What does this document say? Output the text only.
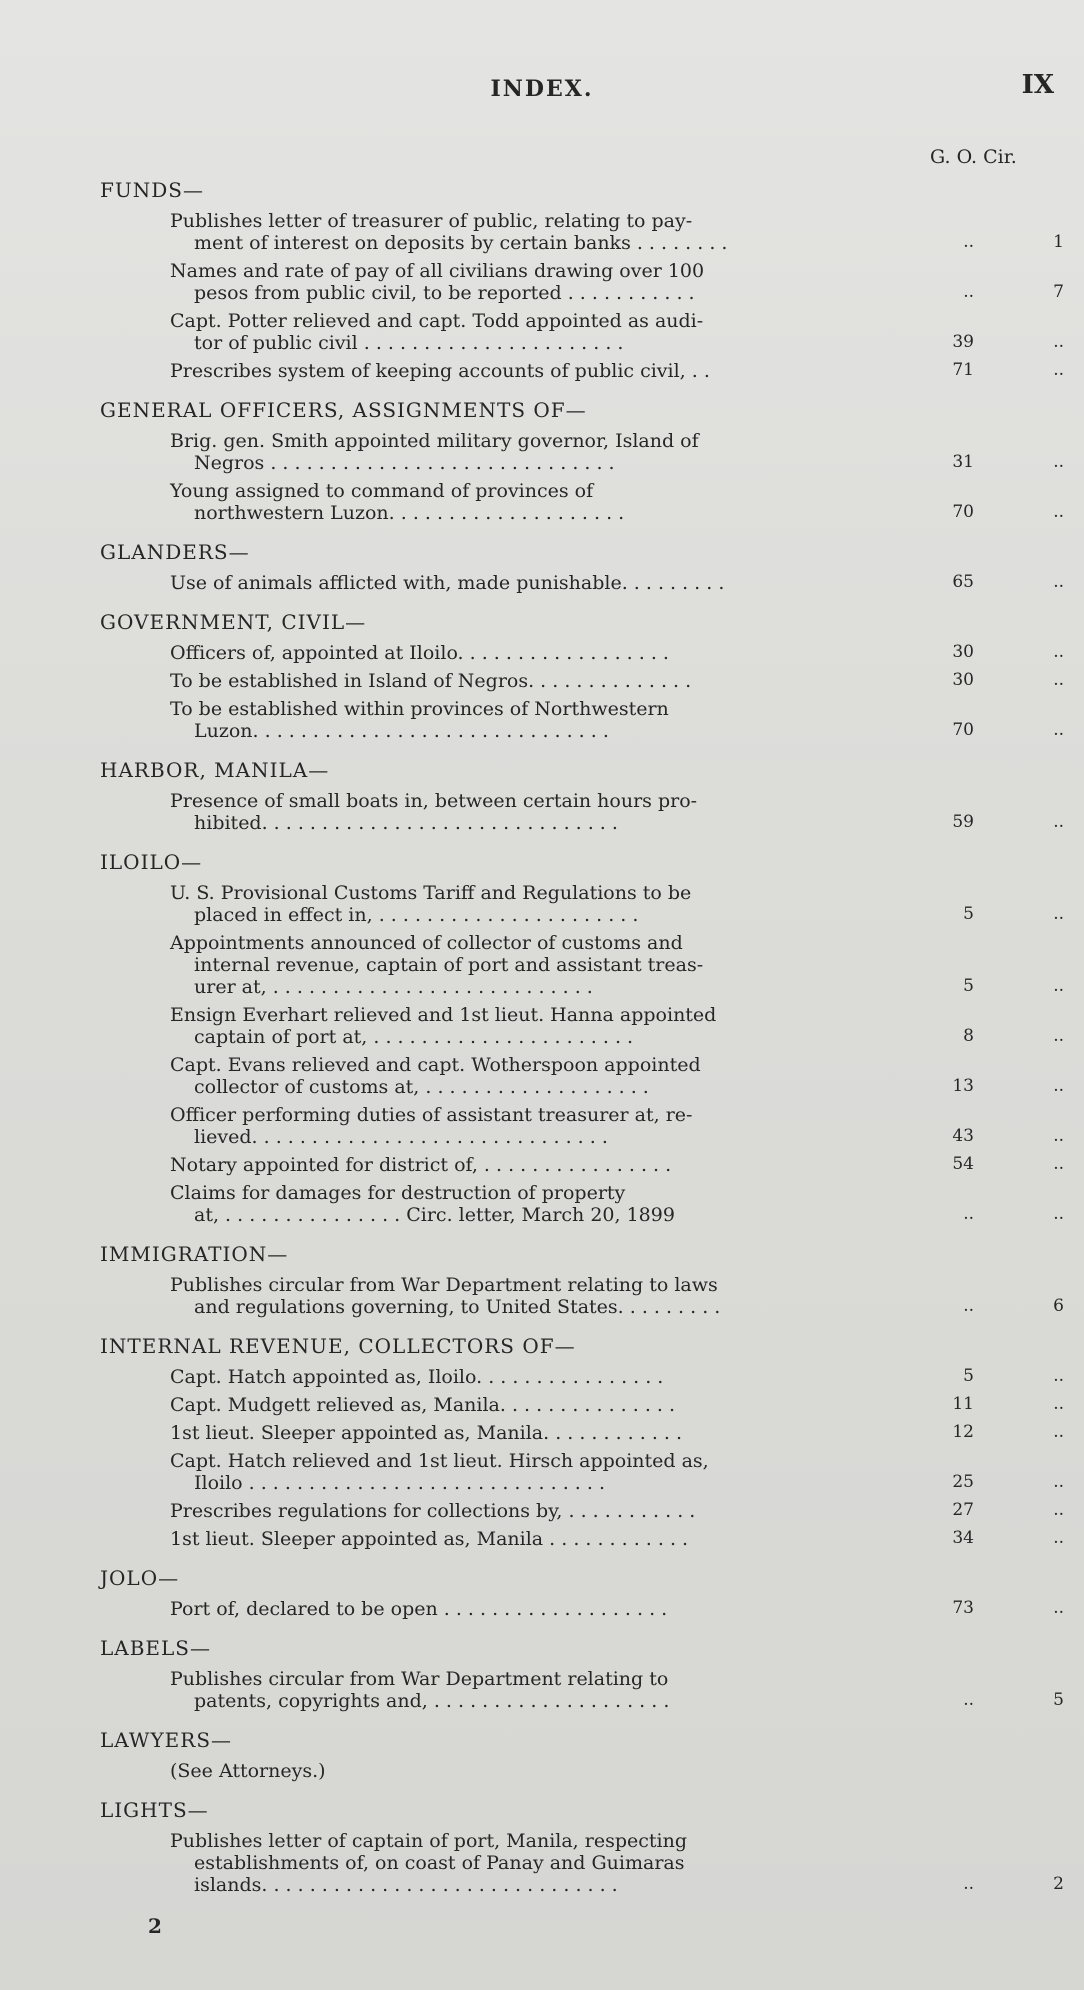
INDEX.	IX
G. O. Cir.
FUNDS—
Publishes letter of treasurer of public, relating to pay-
ment of interest on deposits by certain banks . . . . . . . .	..	1
Names and rate of pay of all civilians drawing over 100
pesos from public civil, to be reported . . . . . . . . . . .	..	7
Capt. Potter relieved and capt. Todd appointed as audi-
tor of public civil . . . . . . . . . . . . . . . . . . . . . .	39	..
Prescribes system of keeping accounts of public civil, . .	71	..
GENERAL OFFICERS, ASSIGNMENTS OF—
Brig. gen. Smith appointed military governor, Island of
Negros . . . . . . . . . . . . . . . . . . . . . . . . . . . . .	31	..
Young assigned to command of provinces of
northwestern Luzon. . . . . . . . . . . . . . . . . . . .	70	..
GLANDERS—
Use of animals afflicted with, made punishable. . . . . . . . .	65	..
GOVERNMENT, CIVIL—
Officers of, appointed at Iloilo. . . . . . . . . . . . . . . . . .	30	..
To be established in Island of Negros. . . . . . . . . . . . . .	30	..
To be established within provinces of Northwestern
Luzon. . . . . . . . . . . . . . . . . . . . . . . . . . . . . .	70	..
HARBOR, MANILA—
Presence of small boats in, between certain hours pro-
hibited. . . . . . . . . . . . . . . . . . . . . . . . . . . . . .	59	..
ILOILO—
U. S. Provisional Customs Tariff and Regulations to be
placed in effect in, . . . . . . . . . . . . . . . . . . . . . .	5	..
Appointments announced of collector of customs and
internal revenue, captain of port and assistant treas-
urer at, . . . . . . . . . . . . . . . . . . . . . . . . . . .	5	..
Ensign Everhart relieved and 1st lieut. Hanna appointed
captain of port at, . . . . . . . . . . . . . . . . . . . . . .	8	..
Capt. Evans relieved and capt. Wotherspoon appointed
collector of customs at, . . . . . . . . . . . . . . . . . . .	13	..
Officer performing duties of assistant treasurer at, re-
lieved. . . . . . . . . . . . . . . . . . . . . . . . . . . . . .	43	..
Notary appointed for district of, . . . . . . . . . . . . . . . .	54	..
Claims for damages for destruction of property
at, . . . . . . . . . . . . . . . Circ. letter, March 20, 1899	..	..
IMMIGRATION—
Publishes circular from War Department relating to laws
and regulations governing, to United States. . . . . . . . .	..	6
INTERNAL REVENUE, COLLECTORS OF—
Capt. Hatch appointed as, Iloilo. . . . . . . . . . . . . . . .	5	..
Capt. Mudgett relieved as, Manila. . . . . . . . . . . . . . .	11	..
1st lieut. Sleeper appointed as, Manila. . . . . . . . . . . .	12	..
Capt. Hatch relieved and 1st lieut. Hirsch appointed as,
Iloilo . . . . . . . . . . . . . . . . . . . . . . . . . . . . . .	25	..
Prescribes regulations for collections by, . . . . . . . . . . .	27	..
1st lieut. Sleeper appointed as, Manila . . . . . . . . . . . .	34	..
JOLO—
Port of, declared to be open . . . . . . . . . . . . . . . . . . .	73	..
LABELS—
Publishes circular from War Department relating to
patents, copyrights and, . . . . . . . . . . . . . . . . . . . .	..	5
LAWYERS—
(See Attorneys.)
LIGHTS—
Publishes letter of captain of port, Manila, respecting
establishments of, on coast of Panay and Guimaras
islands. . . . . . . . . . . . . . . . . . . . . . . . . . . . . .	..	2
2
